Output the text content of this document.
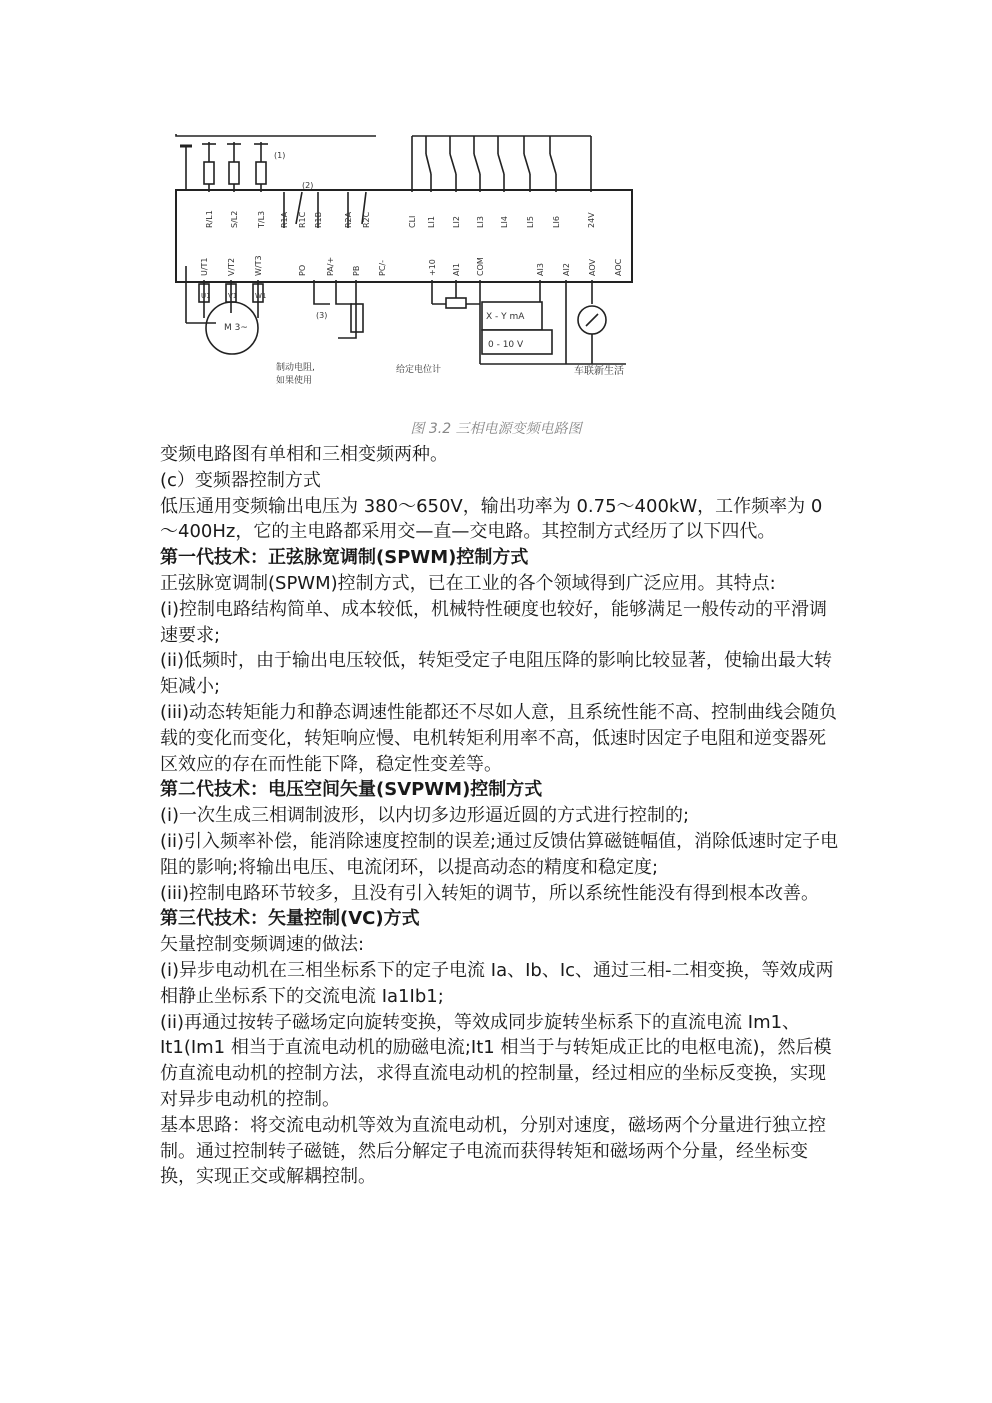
R/L1 S/L2 T/L3 R1A R1C R1B	R2A R2C	CLI LI1 LI2 LI3 LI4 LI5 LI6	24V
U/T1 V/T2 W/T3	PO PA/+ PB PC/-	+10 AI1 COM	AI3 AI2 AOV AOC
U1 V1	W1
M 3~
(1)
(2)
(3)	X - Y mA
0 - 10 V
制动电阻,
如果使用
给定电位计	车联新生活
图 3.2 三相电源变频电路图

变频电路图有单相和三相变频两种。

(c）变频器控制方式

低压通用变频输出电压为 380～650V，输出功率为 0.75～400kW，工作频率为 0～400Hz，它的主电路都采用交—直—交电路。其控制方式经历了以下四代。

第一代技术：正弦脉宽调制(SPWM)控制方式

正弦脉宽调制(SPWM)控制方式，已在工业的各个领域得到广泛应用。其特点:

(i)控制电路结构简单、成本较低，机械特性硬度也较好，能够满足一般传动的平滑调速要求;

(ii)低频时，由于输出电压较低，转矩受定子电阻压降的影响比较显著，使输出最大转矩减小;

(iii)动态转矩能力和静态调速性能都还不尽如人意，且系统性能不高、控制曲线会随负载的变化而变化，转矩响应慢、电机转矩利用率不高，低速时因定子电阻和逆变器死区效应的存在而性能下降，稳定性变差等。

第二代技术：电压空间矢量(SVPWM)控制方式

(i)一次生成三相调制波形，以内切多边形逼近圆的方式进行控制的;

(ii)引入频率补偿，能消除速度控制的误差;通过反馈估算磁链幅值，消除低速时定子电阻的影响;将输出电压、电流闭环，以提高动态的精度和稳定度;

(iii)控制电路环节较多，且没有引入转矩的调节，所以系统性能没有得到根本改善。

第三代技术：矢量控制(VC)方式

矢量控制变频调速的做法:

(i)异步电动机在三相坐标系下的定子电流 Ia、Ib、Ic、通过三相-二相变换，等效成两相静止坐标系下的交流电流 Ia1Ib1;

(ii)再通过按转子磁场定向旋转变换，等效成同步旋转坐标系下的直流电流 Im1、It1(Im1 相当于直流电动机的励磁电流;It1 相当于与转矩成正比的电枢电流)，然后模仿直流电动机的控制方法，求得直流电动机的控制量，经过相应的坐标反变换，实现对异步电动机的控制。

基本思路：将交流电动机等效为直流电动机，分别对速度，磁场两个分量进行独立控制。通过控制转子磁链，然后分解定子电流而获得转矩和磁场两个分量，经坐标变换，实现正交或解耦控制。
